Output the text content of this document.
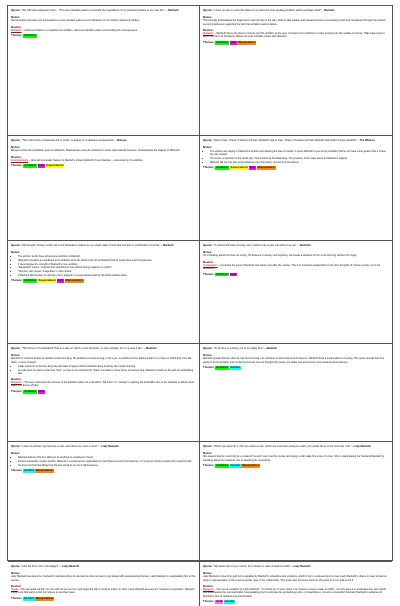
Quote: "We still have judgement here… This even-handed justice commends the ingredients of our poisoned chalice to our own lips." – Macbeth
Notes:
Demonstrates that there are consequences (even-handed justice) and implications for his actions (poisoned chalice)
Device:
Metaphor – poisoned chalice is a metaphor for ambition, with even-handed justice commending his consequences.
Themes: Ambition
Quote: "I have no spur to prick the sides of my intent but only vaulting ambition which overleaps itself" – Macbeth
Notes:
This strongly foreshadows the tragic hero's own demise in the play. Fails to take caution and instead becomes excessively proud and complacent through the witches' second prophesies neglecting the fact that ambition leads to failure.
Device:
Metaphor – Macbeth likens his intent to a horse and his ambition to the spur. Compares his ambition to a rider jumping into the saddle of a horse. High leaps (tries to seize the crown of Scotland). Misses his seat and falls (meets with disaster)
Themes: Ambition Fate Manipulation
Quote: "The instruments of darkness tell us truths, to betray us in deepest consequence" – Banquo
Notes:
Banquo resists the temptation given by Macbeth. Shakespeare uses the character to show supernatural presence. Foreshadows the tragedy of Macbeth.
Device:
Foreshadowing – what will eventually happen to Macbeth, shows Macbeth's true character – consumed by his ambition.
Themes: Ambition Fate Supernatural
Quote: "Hail to thee, Thane of Glamis! All hail, Macbeth! Hail to thee, Thane of Cawdor! All hail, Macbeth that shalt be king hereafter" – The Witches
Notes:
• The witches are playing on Macbeth's ambition and planting the idea of murder. It opens Macbeth's eyes to the possibility that he can have a title greater than a Thane, but only instead.
• This scene is important to the whole play. That it works as foreshadowing. The prophecy is the major cause for Macbeth's tragedy.
• Macbeth will not only gain power/influence from his destiny, and not from his actions.
Themes: Ambition Supernatural Fate Manipulation
Quote: "My thought, whose murder yet is but fantastical, shakes so my single state of man that function is smothered in surmise" – Macbeth
Notes:
• The witches' words have stirred some ambition in Macbeth.
• Macbeth's thoughts are significant to his ambition since the witches did not tell Macbeth that he would have to kill King Duncan.
• It demonstrates the strength of Macbeth's inner ambition.
• "Fantastical" means: "suppose that something is true without having evidence to confirm".
• "Surmise" also means "imagination" in this context.
• If Macbeth kills Duncan, he will then not be trapped in a supernatural world for his dishonourable action.
Themes: Ambition Supernatural Fate Manipulation
Quote: "If chance will have me king, why, chance may crown me without my stir." – Macbeth
Notes:
He is thinking about his future as a king. He believes in destiny and prophecy will create a situation for him to be the king without him trying.
Device:
Juxtaposition – Contrasts the person Macbeth was before and after the murder. This is in complete juxtaposition to his prior thoughts of "whose murder yet is but fantastical".
Themes: Ambition Fate
Quote: "The Prince of Cumberland! That is a step on which I must fall down, or else o'erleap, for in my way it lies." – Macbeth
Notes:
Macbeth is innocent before he decides to become king. His ambition to become king, in his eyes, is justified and he believes that it is a "step on which [he] must fall down, or else o'erleap".
• If fate wants him to become king, fate will make it happen without Macbeth doing anything, like murder the king.
• he calls upon the stars to hide their "fires", so that no one will know his "black" evil desires, those being, to become king. Macbeth is harsh on the path of manipulating fate.
Device:
Metaphor – The step represents the success of his ambition where he must either "fall down" or "o'erleap" in gaining his downfall is due to his ambition or failure (Tees again with theme of fate)
Themes: Ambition Fate
Quote: "To be thus is nothing, but to be safely thus" – Macbeth
Notes:
Macbeth speaks this line after he has become king, but continues to feel restless and insecure. Macbeth finds it meaningless to be king. This quote reveals how him giving in to his ambition and murdering Duncan has not brought him peace, but rather has just left him more paranoid and insecure.
Themes: Ambition Gender
Quote: "I dare do all that may become a man, who dares do more is none." – Lady Macbeth
Notes:
• Macbeth believes that he's willing to do anything he considered "manly".
• It's left purposefully unclear whether Macbeth is a moral person manipulated by bad influences and circumstances, or merely an immoral coward who needs his wife.
• He does not think that killing King Duncan would be an act of righteousness.
Themes: Gender Manipulation
Quote: "When you durst do it, then you were a man. And to be more than what you were, you would be so much more the man" – Lady Macbeth
Notes:
She asserts that he must truly be a coward if he won't carry out the murder and doing so will make him more of a man. She is manipulating her husband Macbeth by speaking about his manhood, she is attacking his masculinity.
Themes: Ambition Gender Manipulation
Quote: "Like the Poor cat in the adage?" – Lady Macbeth
Notes:
Lady Macbeth questions her husband's manhood when he decides he does not want to go ahead with assassinating Duncan. Lady Macbeth is manipulating him in this context.
Device:
Simile – The cat would eat fish, but she will not wet her feet, and urges the idler in timid to action. In short, Lady Macbeth accuses her husband of cowardice. Macbeth is like a cat that wants a fish but refuses to wet their paws.
Themes: Gender Manipulation
Quote: "My hands are of your colour: but I shame to wear a heart so white" – Lady Macbeth
Notes:
Lady Macbeth is free from guilt but is appalled by Macbeth's cowardice and emotions, which to her is undeserving of a man. Lady Macbeth's shame to wear a heart so white is representative of the reverse gender roles in her relationship. This quote also becomes ironic as she gives in to her guilt in Act 5.
Device:
Metaphor – The use of metaphor by Lady Macbeth, "my hands are of your colour, but I shame to wear a heart so white", not only does it re-emphasise her own hands that foreshadows her somnambulism (sleepwalking) but it could also be symbolising purity or cowardliness. It is also a metaphor that Lady Macbeth is ashamed of Macbeth's lack of ruthlessness and ambition.
Themes: Guilt Gender
